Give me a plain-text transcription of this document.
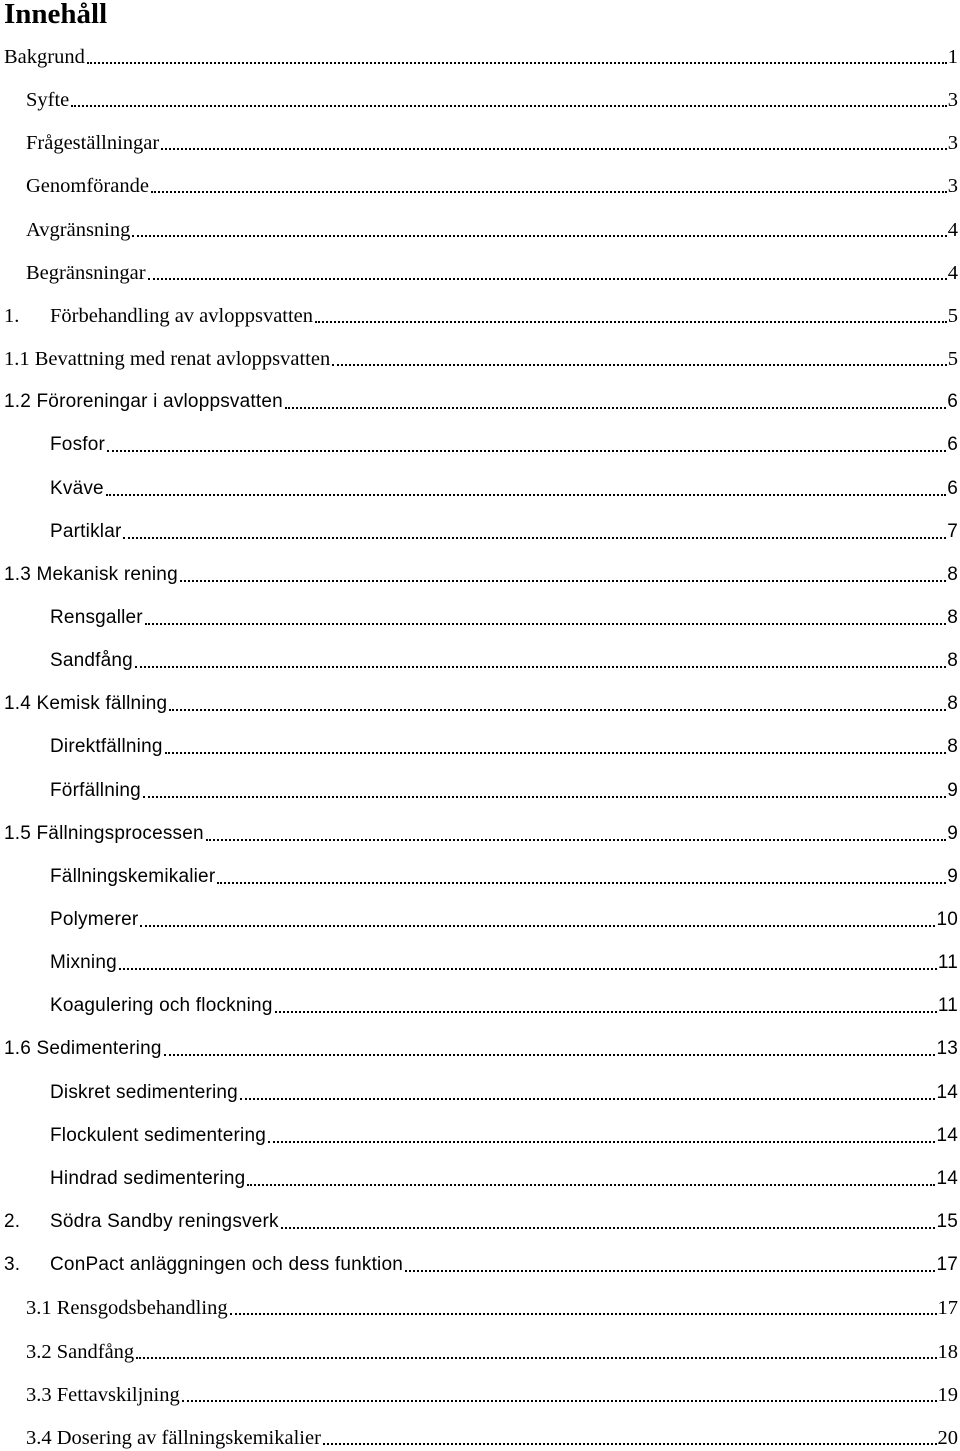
Innehåll
Bakgrund	1
Syfte	3
Frågeställningar	3
Genomförande	3
Avgränsning	4
Begränsningar	4
1.	Förbehandling av avloppsvatten	5
1.1 Bevattning med renat avloppsvatten	5
1.2 Föroreningar i avloppsvatten	6
Fosfor	6
Kväve	6
Partiklar	7
1.3 Mekanisk rening	8
Rensgaller	8
Sandfång	8
1.4 Kemisk fällning	8
Direktfällning	8
Förfällning	9
1.5 Fällningsprocessen	9
Fällningskemikalier	9
Polymerer	10
Mixning	11
Koagulering och flockning	11
1.6 Sedimentering	13
Diskret sedimentering	14
Flockulent sedimentering	14
Hindrad sedimentering	14
2.	Södra Sandby reningsverk	15
3.	ConPact anläggningen och dess funktion	17
3.1 Rensgodsbehandling	17
3.2 Sandfång	18
3.3 Fettavskiljning	19
3.4 Dosering av fällningskemikalier	20
